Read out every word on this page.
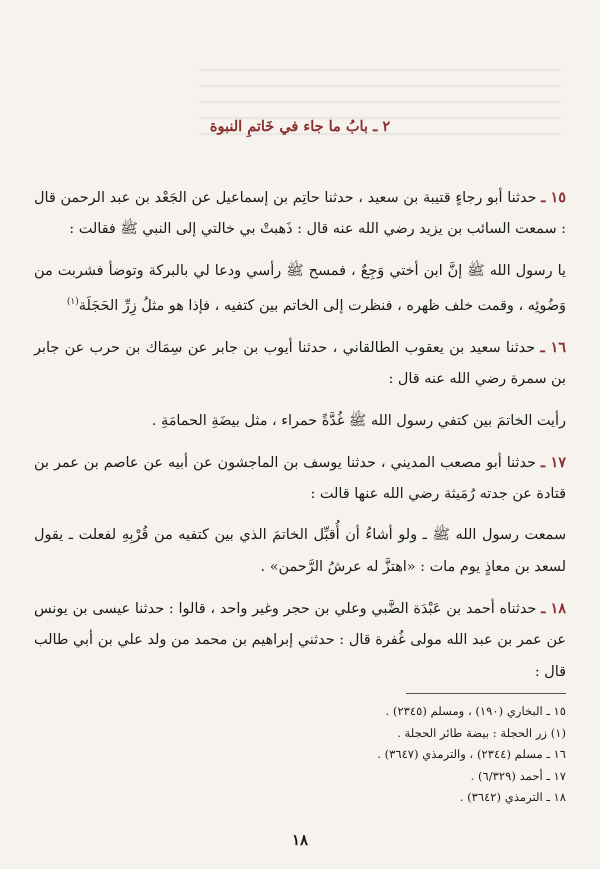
٢ ـ بابُ ما جاء في خَاتمِ النبوة

١٥ ـ حدثنا أبو رجاءٍ قتيبة بن سعيد ، حدثنا حاتِم بن إسماعيل عن الجَعْد بن عبد الرحمن قال : سمعت السائب بن يزيد رضي الله عنه قال : ذَهبتْ بي خالتي إلى النبي ﷺ فقالت :

يا رسول الله ﷺ إنَّ ابن أختي وَجِعٌ ، فمسح ﷺ رأسي ودعا لي بالبركة وتوضأ فشربت من وَضُوئِه ، وقمت خلف ظهره ، فنظرت إلى الخاتم بين كتفيه ، فإذا هو مثلُ زِرِّ الحَجَلَة$^{(١)}$

١٦ ـ حدثنا سعيد بن يعقوب الطالقاني ، حدثنا أيوب بن جابر عن سِمَاك بن حرب عن جابر بن سمرة رضي الله عنه قال :

رأيت الخاتمَ بين كتفي رسول الله ﷺ غُدَّةً حمراء ، مثل بيضَةِ الحمامَةِ .

١٧ ـ حدثنا أبو مصعب المديني ، حدثنا يوسف بن الماجشون عن أبيه عن عاصم بن عمر بن قتادة عن جدته رُمَيثة رضي الله عنها قالت :

سمعت رسول الله ﷺ ـ ولو أشاءُ أن أُقبِّل الخاتمَ الذي بين كتفيه من قُرْبِهِ لفعلت ـ يقول لسعد بن معاذٍ يوم مات : «اهتزَّ له عرشُ الرَّحمن» .

١٨ ـ حدثناه أحمد بن عَبْدَة الضَّبي وعلي بن حجر وغير واحد ، قالوا : حدثنا عيسى بن يونس عن عمر بن عبد الله مولى غُفرة قال : حدثني إبراهيم بن محمد من ولد علي بن أبي طالب قال :

١٥ ـ البخاري (١٩٠) ، ومسلم (٢٣٤٥) .
(١) زر الحجلة : بيضة طائر الحجلة .
١٦ ـ مسلم (٢٣٤٤) ، والترمذي (٣٦٤٧) .
١٧ ـ أحمد (٦/٣٢٩) .
١٨ ـ الترمذي (٣٦٤٢) .
١٨
